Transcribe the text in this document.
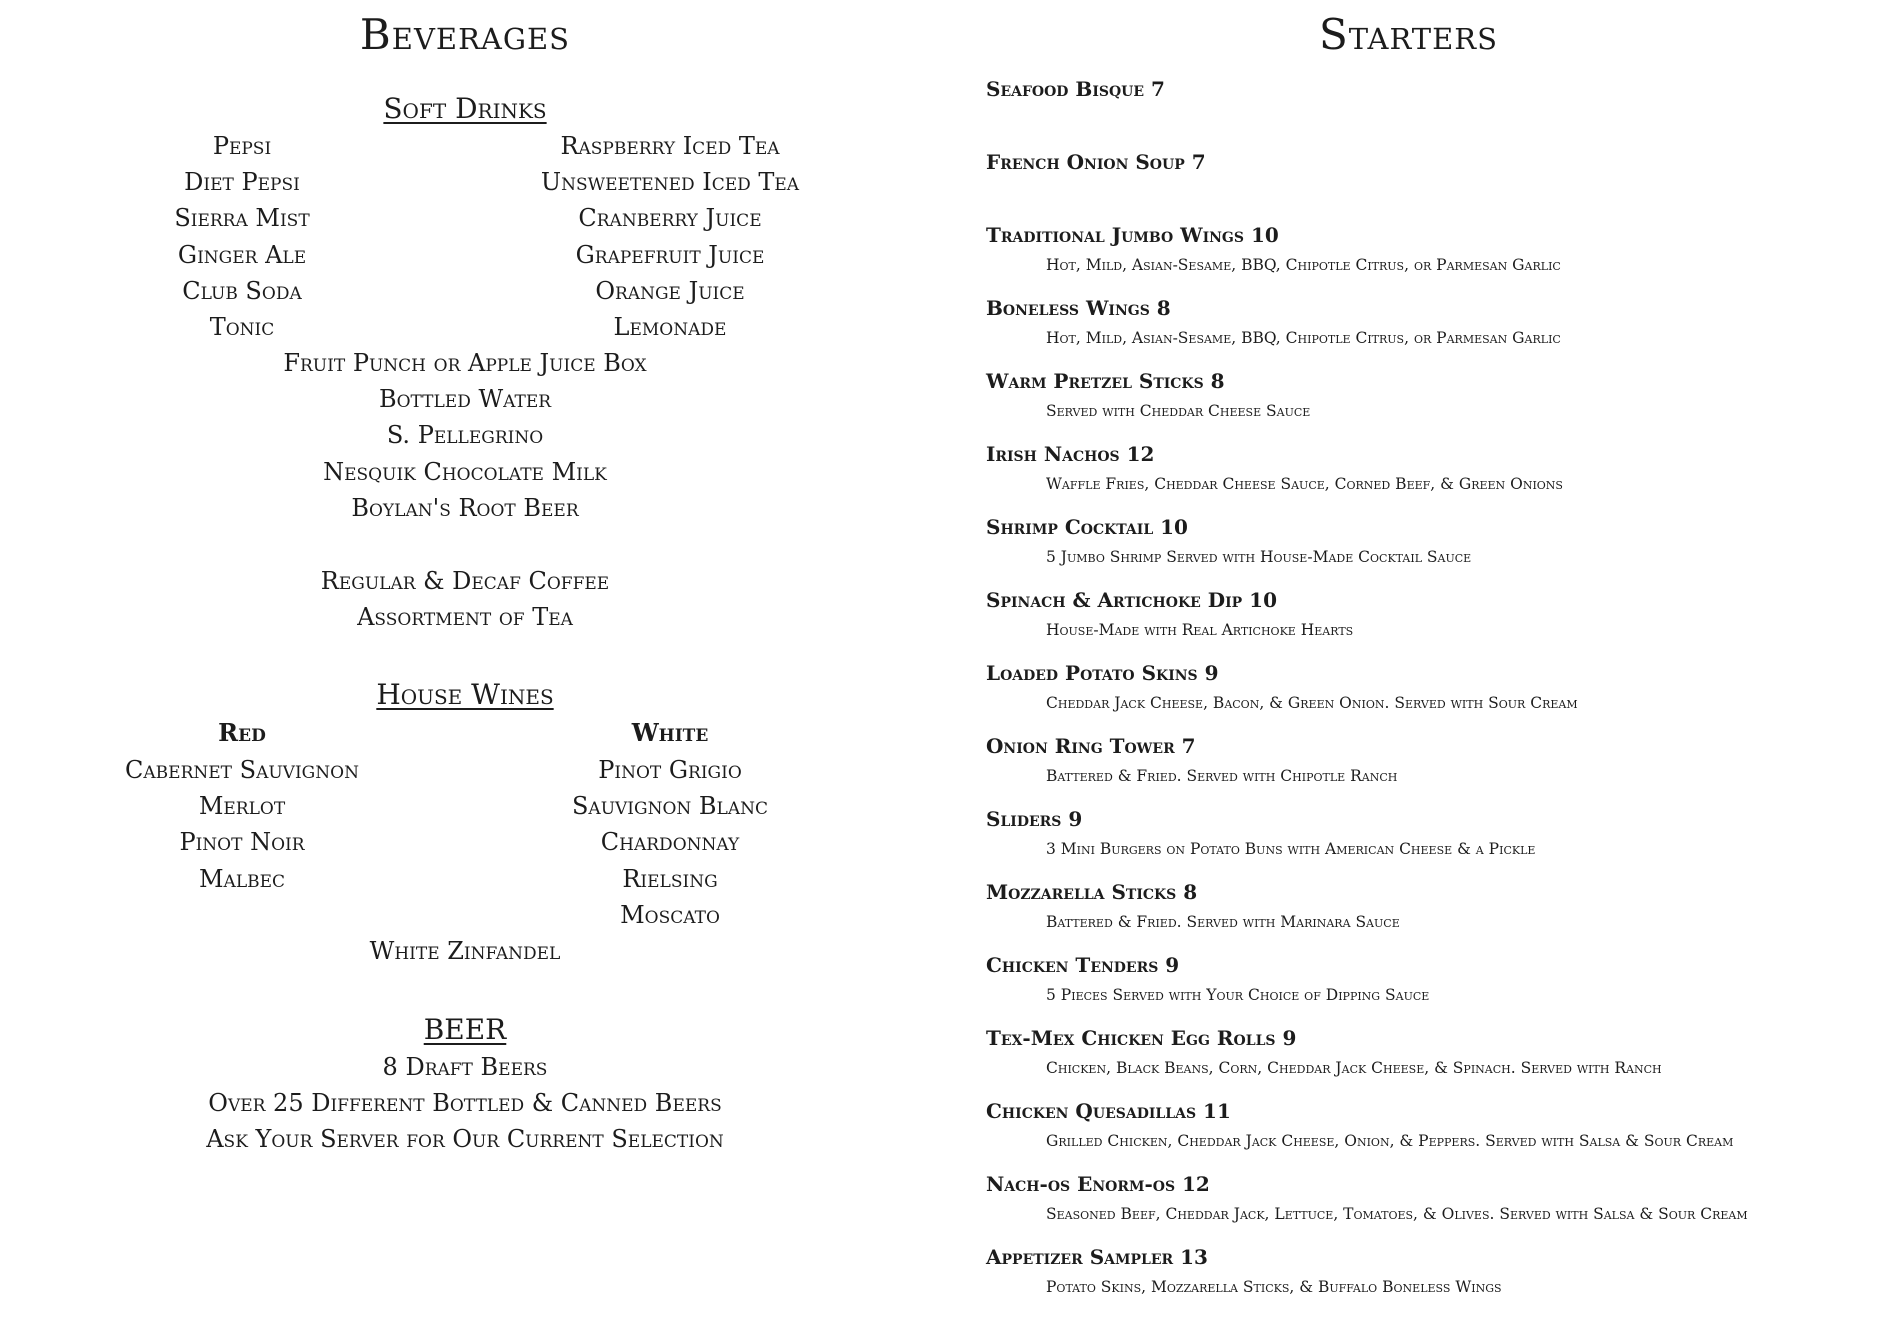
Beverages
Soft Drinks
Pepsi
Diet Pepsi
Sierra Mist
Ginger Ale
Club Soda
Tonic
Raspberry Iced Tea
Unsweetened Iced Tea
Cranberry Juice
Grapefruit Juice
Orange Juice
Lemonade
Fruit Punch or Apple Juice Box
Bottled Water
S. Pellegrino
Nesquik Chocolate Milk
Boylan's Root Beer
Regular & Decaf Coffee
Assortment of Tea
House Wines
Red	White
Cabernet Sauvignon
Merlot
Pinot Noir
Malbec
Pinot Grigio
Sauvignon Blanc
Chardonnay
Rielsing
Moscato
White Zinfandel
BEER
8 Draft Beers
Over 25 Different Bottled & Canned Beers
Ask Your Server for Our Current Selection
Starters
Seafood Bisque 7
French Onion Soup 7
Traditional Jumbo Wings 10
Hot, Mild, Asian-Sesame, BBQ, Chipotle Citrus, or Parmesan Garlic
Boneless Wings 8
Hot, Mild, Asian-Sesame, BBQ, Chipotle Citrus, or Parmesan Garlic
Warm Pretzel Sticks 8
Served with Cheddar Cheese Sauce
Irish Nachos 12
Waffle Fries, Cheddar Cheese Sauce, Corned Beef, & Green Onions
Shrimp Cocktail 10
5 Jumbo Shrimp Served with House-Made Cocktail Sauce
Spinach & Artichoke Dip 10
House-Made with Real Artichoke Hearts
Loaded Potato Skins 9
Cheddar Jack Cheese, Bacon, & Green Onion. Served with Sour Cream
Onion Ring Tower 7
Battered & Fried. Served with Chipotle Ranch
Sliders 9
3 Mini Burgers on Potato Buns with American Cheese & a Pickle
Mozzarella Sticks 8
Battered & Fried. Served with Marinara Sauce
Chicken Tenders 9
5 Pieces Served with Your Choice of Dipping Sauce
Tex-Mex Chicken Egg Rolls 9
Chicken, Black Beans, Corn, Cheddar Jack Cheese, & Spinach. Served with Ranch
Chicken Quesadillas 11
Grilled Chicken, Cheddar Jack Cheese, Onion, & Peppers. Served with Salsa & Sour Cream
Nach-os Enorm-os 12
Seasoned Beef, Cheddar Jack, Lettuce, Tomatoes, & Olives. Served with Salsa & Sour Cream
Appetizer Sampler 13
Potato Skins, Mozzarella Sticks, & Buffalo Boneless Wings
